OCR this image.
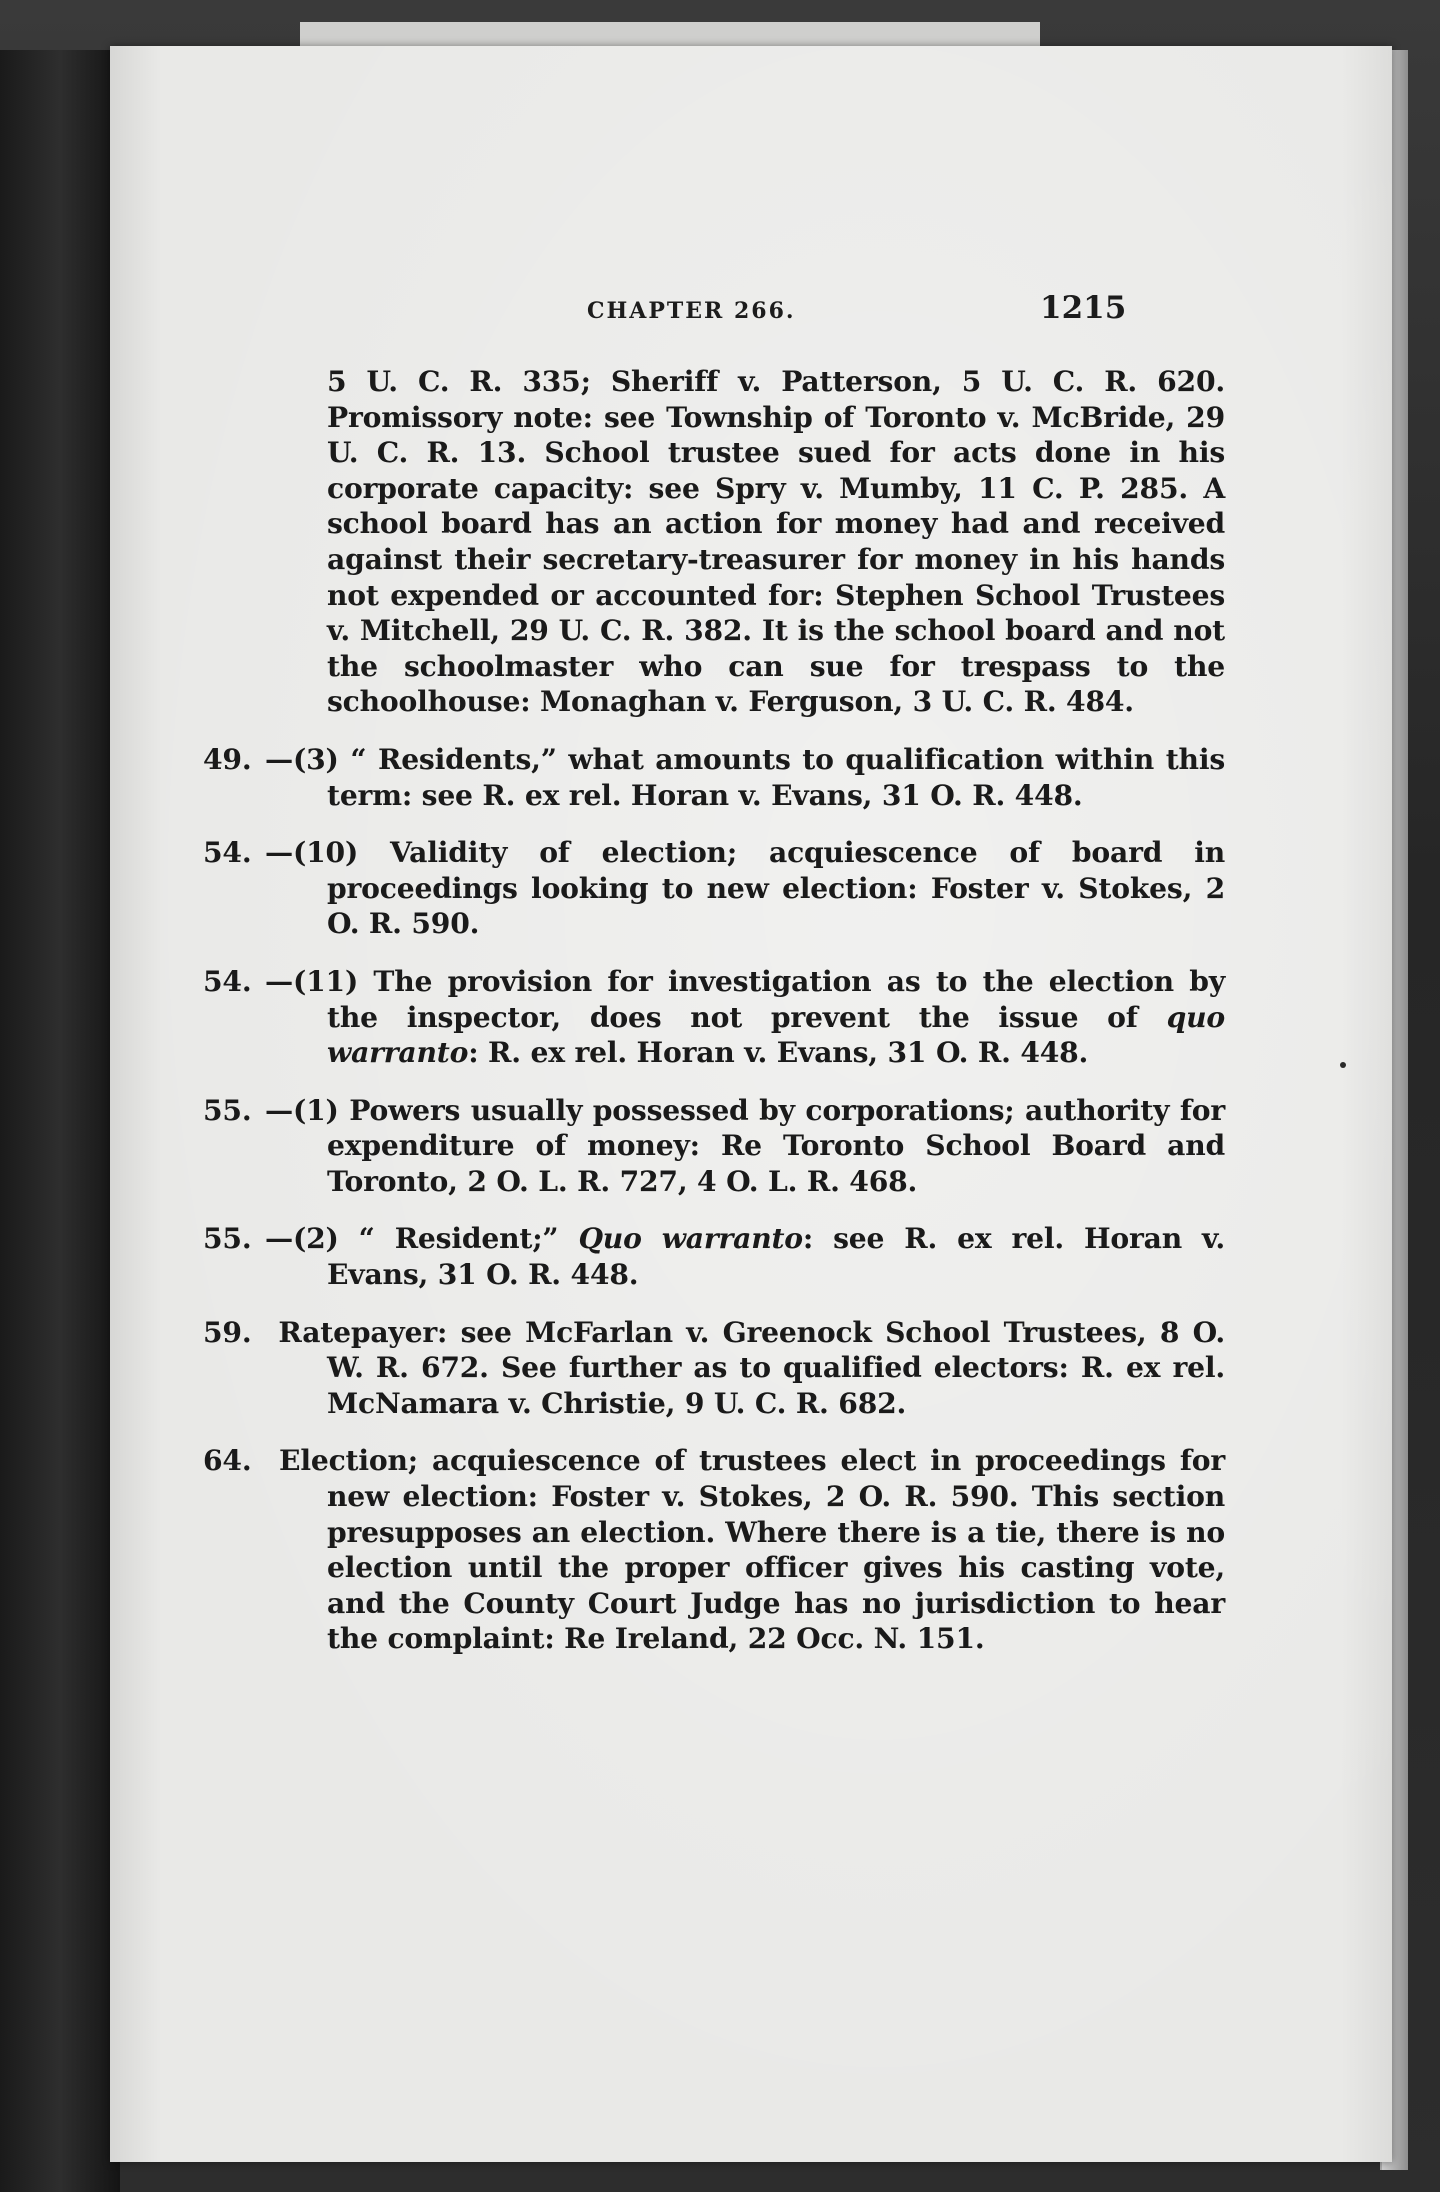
CHAPTER 266.	1215

5 U. C. R. 335; Sheriff v. Patterson, 5 U. C. R. 620. Promissory note: see Township of Toronto v. McBride, 29 U. C. R. 13. School trustee sued for acts done in his corporate capacity: see Spry v. Mumby, 11 C. P. 285. A school board has an action for money had and received against their secretary-treasurer for money in his hands not expended or accounted for: Stephen School Trustees v. Mitchell, 29 U. C. R. 382. It is the school board and not the schoolmaster who can sue for trespass to the schoolhouse: Monaghan v. Ferguson, 3 U. C. R. 484.

49. —(3) “ Residents,” what amounts to qualification within this term: see R. ex rel. Horan v. Evans, 31 O. R. 448.

54. —(10) Validity of election; acquiescence of board in proceedings looking to new election: Foster v. Stokes, 2 O. R. 590.

54. —(11) The provision for investigation as to the election by the inspector, does not prevent the issue of quo warranto: R. ex rel. Horan v. Evans, 31 O. R. 448.

55. —(1) Powers usually possessed by corporations; authority for expenditure of money: Re Toronto School Board and Toronto, 2 O. L. R. 727, 4 O. L. R. 468.

55. —(2) “ Resident;” Quo warranto: see R. ex rel. Horan v. Evans, 31 O. R. 448.

59. Ratepayer: see McFarlan v. Greenock School Trustees, 8 O. W. R. 672. See further as to qualified electors: R. ex rel. McNamara v. Christie, 9 U. C. R. 682.

64. Election; acquiescence of trustees elect in proceedings for new election: Foster v. Stokes, 2 O. R. 590. This section presupposes an election. Where there is a tie, there is no election until the proper officer gives his casting vote, and the County Court Judge has no jurisdiction to hear the complaint: Re Ireland, 22 Occ. N. 151.
